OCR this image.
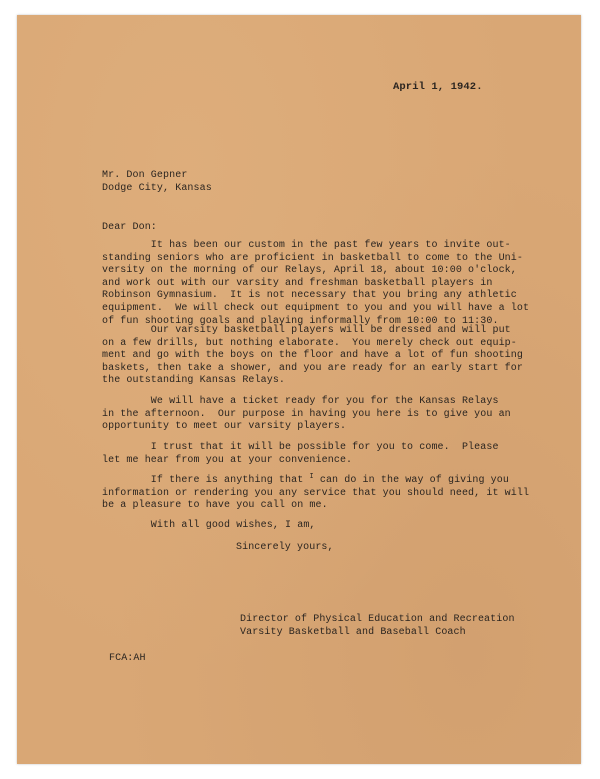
April 1, 1942.
Mr. Don Gepner
Dodge City, Kansas
Dear Don:
It has been our custom in the past few years to invite out-
standing seniors who are proficient in basketball to come to the Uni-
versity on the morning of our Relays, April 18, about 10:00 o'clock,
and work out with our varsity and freshman basketball players in
Robinson Gymnasium.  It is not necessary that you bring any athletic
equipment.  We will check out equipment to you and you will have a lot
of fun shooting goals and playing informally from 10:00 to 11:30.
Our varsity basketball players will be dressed and will put
on a few drills, but nothing elaborate.  You merely check out equip-
ment and go with the boys on the floor and have a lot of fun shooting
baskets, then take a shower, and you are ready for an early start for
the outstanding Kansas Relays.
We will have a ticket ready for you for the Kansas Relays
in the afternoon.  Our purpose in having you here is to give you an
opportunity to meet our varsity players.
I trust that it will be possible for you to come.  Please
let me hear from you at your convenience.
If there is anything that $^I$ can do in the way of giving you
information or rendering you any service that you should need, it will
be a pleasure to have you call on me.
With all good wishes, I am,
Sincerely yours,
Director of Physical Education and Recreation
Varsity Basketball and Baseball Coach
FCA:AH
